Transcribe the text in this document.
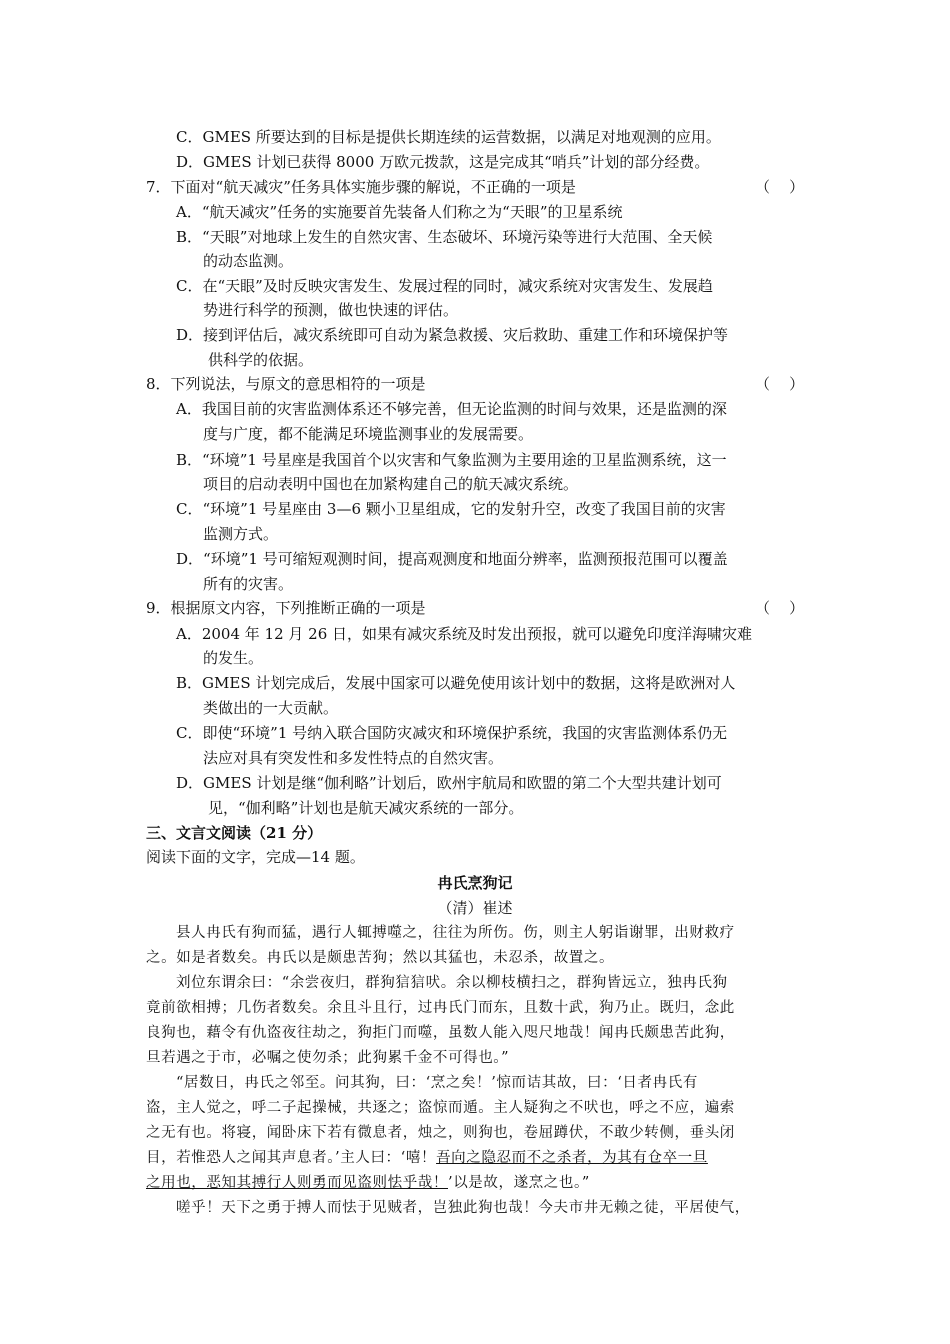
C．GMES 所要达到的目标是提供长期连续的运营数据，以满足对地观测的应用。
D．GMES 计划已获得 8000 万欧元拨款，这是完成其“哨兵”计划的部分经费。
7．下面对“航天减灾”任务具体实施步骤的解说，不正确的一项是	（    ）
A．“航天减灾”任务的实施要首先装备人们称之为“天眼”的卫星系统
B．“天眼”对地球上发生的自然灾害、生态破坏、环境污染等进行大范围、全天候
的动态监测。
C．在“天眼”及时反映灾害发生、发展过程的同时，减灾系统对灾害发生、发展趋
势进行科学的预测，做也快速的评估。
D．接到评估后，减灾系统即可自动为紧急救援、灾后救助、重建工作和环境保护等
供科学的依据。
8．下列说法，与原文的意思相符的一项是	（    ）
A．我国目前的灾害监测体系还不够完善，但无论监测的时间与效果，还是监测的深
度与广度，都不能满足环境监测事业的发展需要。
B．“环境”1 号星座是我国首个以灾害和气象监测为主要用途的卫星监测系统，这一
项目的启动表明中国也在加紧构建自己的航天减灾系统。
C．“环境”1 号星座由 3—6 颗小卫星组成，它的发射升空，改变了我国目前的灾害
监测方式。
D．“环境”1 号可缩短观测时间，提高观测度和地面分辨率，监测预报范围可以覆盖
所有的灾害。
9．根据原文内容，下列推断正确的一项是	（    ）
A．2004 年 12 月 26 日，如果有减灾系统及时发出预报，就可以避免印度洋海啸灾难
的发生。
B．GMES 计划完成后，发展中国家可以避免使用该计划中的数据，这将是欧洲对人
类做出的一大贡献。
C．即使“环境”1 号纳入联合国防灾减灾和环境保护系统，我国的灾害监测体系仍无
法应对具有突发性和多发性特点的自然灾害。
D．GMES 计划是继“伽利略”计划后，欧州宇航局和欧盟的第二个大型共建计划可
见，“伽利略”计划也是航天减灾系统的一部分。
三、文言文阅读（21 分）
阅读下面的文字，完成—14 题。
冉氏烹狗记
（清）崔述
县人冉氏有狗而猛，遇行人辄搏噬之，往往为所伤。伤，则主人躬诣谢罪，出财救疗
之。如是者数矣。冉氏以是颇患苦狗；然以其猛也，未忍杀，故置之。
刘位东谓余曰：“余尝夜归，群狗狺狺吠。余以柳枝横扫之，群狗皆远立，独冉氏狗
竟前欲相搏；几伤者数矣。余且斗且行，过冉氏门而东，且数十武，狗乃止。既归，念此
良狗也，藉令有仇盗夜往劫之，狗拒门而噬，虽数人能入咫尺地哉！闻冉氏颇患苦此狗，
旦若遇之于市，必嘱之使勿杀；此狗累千金不可得也。”
“居数日，冉氏之邻至。问其狗，曰：‘烹之矣！’惊而诘其故，曰：‘日者冉氏有
盗，主人觉之，呼二子起操械，共逐之；盗惊而遁。主人疑狗之不吠也，呼之不应，遍索
之无有也。将寝，闻卧床下若有微息者，烛之，则狗也，卷屈蹲伏，不敢少转侧，垂头闭
目，若惟恐人之闻其声息者。’主人曰：‘嘻！吾向之隐忍而不之杀者，为其有仓卒一旦
之用也，恶知其搏行人则勇而见盗则怯乎哉！’以是故，遂烹之也。”
嗟乎！天下之勇于搏人而怯于见贼者，岂独此狗也哉！今夫市井无赖之徒，平居使气，
